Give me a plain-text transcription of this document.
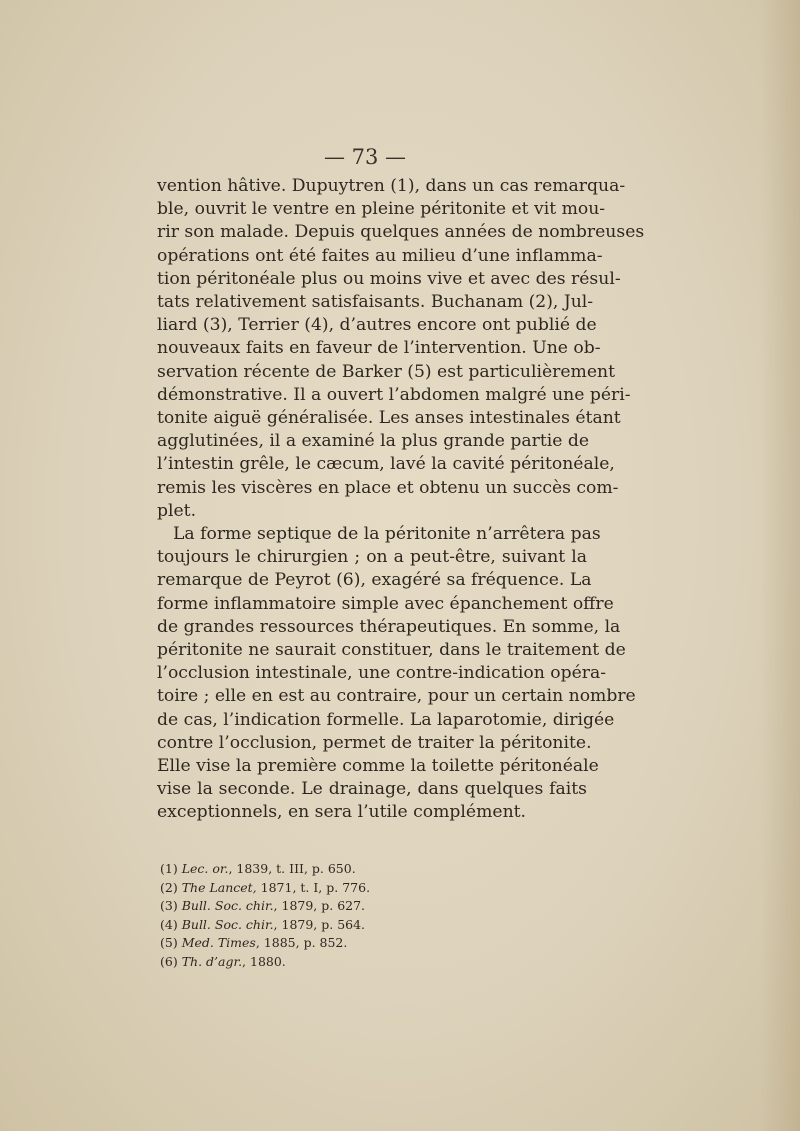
— 73 —
vention hâtive. Dupuytren (1), dans un cas remarqua-
ble, ouvrit le ventre en pleine péritonite et vit mou-
rir son malade. Depuis quelques années de nombreuses
opérations ont été faites au milieu d’une inflamma-
tion péritonéale plus ou moins vive et avec des résul-
tats relativement satisfaisants. Buchanam (2), Jul-
liard (3), Terrier (4), d’autres encore ont publié de
nouveaux faits en faveur de l’intervention. Une ob-
servation récente de Barker (5) est particulièrement
démonstrative. Il a ouvert l’abdomen malgré une péri-
tonite aiguë généralisée. Les anses intestinales étant
agglutinées, il a examiné la plus grande partie de
l’intestin grêle, le cæcum, lavé la cavité péritonéale,
remis les viscères en place et obtenu un succès com-
plet.
La forme septique de la péritonite n’arrêtera pas
toujours le chirurgien ; on a peut-être, suivant la
remarque de Peyrot (6), exagéré sa fréquence. La
forme inflammatoire simple avec épanchement offre
de grandes ressources thérapeutiques. En somme, la
péritonite ne saurait constituer, dans le traitement de
l’occlusion intestinale, une contre-indication opéra-
toire ; elle en est au contraire, pour un certain nombre
de cas, l’indication formelle. La laparotomie, dirigée
contre l’occlusion, permet de traiter la péritonite.
Elle vise la première comme la toilette péritonéale
vise la seconde. Le drainage, dans quelques faits
exceptionnels, en sera l’utile complément.
(1) Lec. or., 1839, t. III, p. 650.
(2) The Lancet, 1871, t. I, p. 776.
(3) Bull. Soc. chir., 1879, p. 627.
(4) Bull. Soc. chir., 1879, p. 564.
(5) Med. Times, 1885, p. 852.
(6) Th. d’agr., 1880.
